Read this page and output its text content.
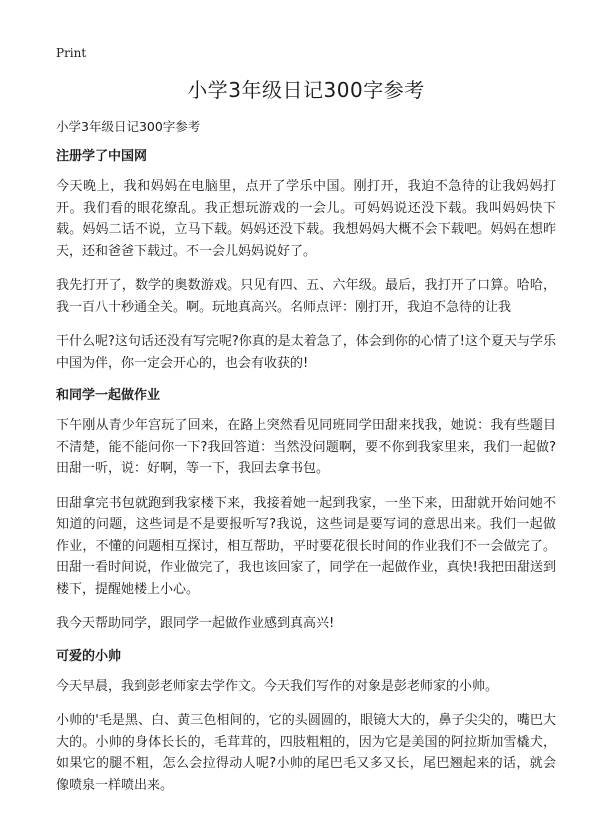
Print
小学3年级日记300字参考
小学3年级日记300字参考
注册学了中国网

今天晚上，我和妈妈在电脑里，点开了学乐中国。刚打开，我迫不急待的让我妈妈打开。我们看的眼花缭乱。我正想玩游戏的一会儿。可妈妈说还没下载。我叫妈妈快下载。妈妈二话不说，立马下载。妈妈还没下载。我想妈妈大概不会下载吧。妈妈在想昨天，还和爸爸下载过。不一会儿妈妈说好了。

我先打开了，数学的奥数游戏。只见有四、五、六年级。最后，我打开了口算。哈哈，我一百八十秒通全关。啊。玩地真高兴。名师点评：刚打开，我迫不急待的让我

干什么呢?这句话还没有写完呢?你真的是太着急了，体会到你的心情了!这个夏天与学乐中国为伴，你一定会开心的，也会有收获的!

和同学一起做作业

下午刚从青少年宫玩了回来，在路上突然看见同班同学田甜来找我，她说：我有些题目不清楚，能不能问你一下?我回答道：当然没问题啊，要不你到我家里来，我们一起做?田甜一听，说：好啊，等一下，我回去拿书包。

田甜拿完书包就跑到我家楼下来，我接着她一起到我家，一坐下来，田甜就开始问她不知道的问题，这些词是不是要报听写?我说，这些词是要写词的意思出来。我们一起做作业，不懂的问题相互探讨，相互帮助，平时要花很长时间的作业我们不一会做完了。田甜一看时间说，作业做完了，我也该回家了，同学在一起做作业，真快!我把田甜送到楼下，提醒她楼上小心。

我今天帮助同学，跟同学一起做作业感到真高兴!

可爱的小帅

今天早晨，我到彭老师家去学作文。今天我们写作的对象是彭老师家的小帅。

小帅的'毛是黑、白、黄三色相间的，它的头圆圆的，眼镜大大的，鼻子尖尖的，嘴巴大大的。小帅的身体长长的，毛茸茸的，四肢粗粗的，因为它是美国的阿拉斯加雪橇犬，如果它的腿不粗，怎么会拉得动人呢?小帅的尾巴毛又多又长，尾巴翘起来的话，就会像喷泉一样喷出来。
